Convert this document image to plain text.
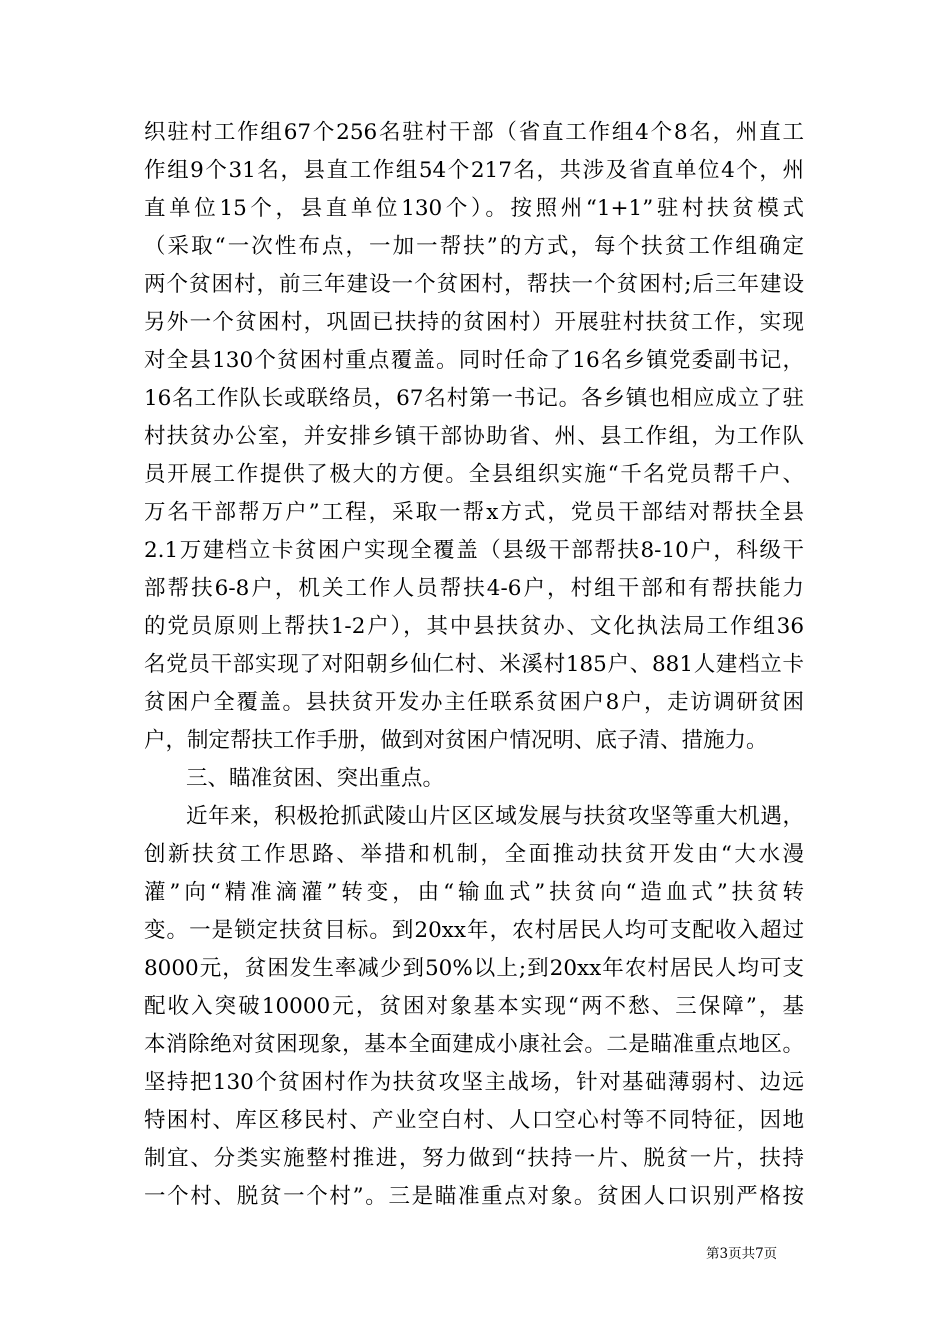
织驻村工作组67个256名驻村干部（省直工作组4个8名，州直工
作组9个31名，县直工作组54个217名，共涉及省直单位4个，州
直单位15个，县直单位130个）。按照州“1+1”驻村扶贫模式
（采取“一次性布点，一加一帮扶”的方式，每个扶贫工作组确定
两个贫困村，前三年建设一个贫困村，帮扶一个贫困村;后三年建设
另外一个贫困村，巩固已扶持的贫困村）开展驻村扶贫工作，实现
对全县130个贫困村重点覆盖。同时任命了16名乡镇党委副书记，
16名工作队长或联络员，67名村第一书记。各乡镇也相应成立了驻
村扶贫办公室，并安排乡镇干部协助省、州、县工作组，为工作队
员开展工作提供了极大的方便。全县组织实施“千名党员帮千户、
万名干部帮万户”工程，采取一帮x方式，党员干部结对帮扶全县
2.1万建档立卡贫困户实现全覆盖（县级干部帮扶8-10户，科级干
部帮扶6-8户，机关工作人员帮扶4-6户，村组干部和有帮扶能力
的党员原则上帮扶1-2户），其中县扶贫办、文化执法局工作组36
名党员干部实现了对阳朝乡仙仁村、米溪村185户、881人建档立卡
贫困户全覆盖。县扶贫开发办主任联系贫困户8户，走访调研贫困
户，制定帮扶工作手册，做到对贫困户情况明、底子清、措施力。
三、瞄准贫困、突出重点。
近年来，积极抢抓武陵山片区区域发展与扶贫攻坚等重大机遇，
创新扶贫工作思路、举措和机制，全面推动扶贫开发由“大水漫
灌”向“精准滴灌”转变，由“输血式”扶贫向“造血式”扶贫转
变。一是锁定扶贫目标。到20xx年，农村居民人均可支配收入超过
8000元，贫困发生率减少到50%以上;到20xx年农村居民人均可支
配收入突破10000元，贫困对象基本实现“两不愁、三保障”，基
本消除绝对贫困现象，基本全面建成小康社会。二是瞄准重点地区。
坚持把130个贫困村作为扶贫攻坚主战场，针对基础薄弱村、边远
特困村、库区移民村、产业空白村、人口空心村等不同特征，因地
制宜、分类实施整村推进，努力做到“扶持一片、脱贫一片，扶持
一个村、脱贫一个村”。三是瞄准重点对象。贫困人口识别严格按
第3页共7页
